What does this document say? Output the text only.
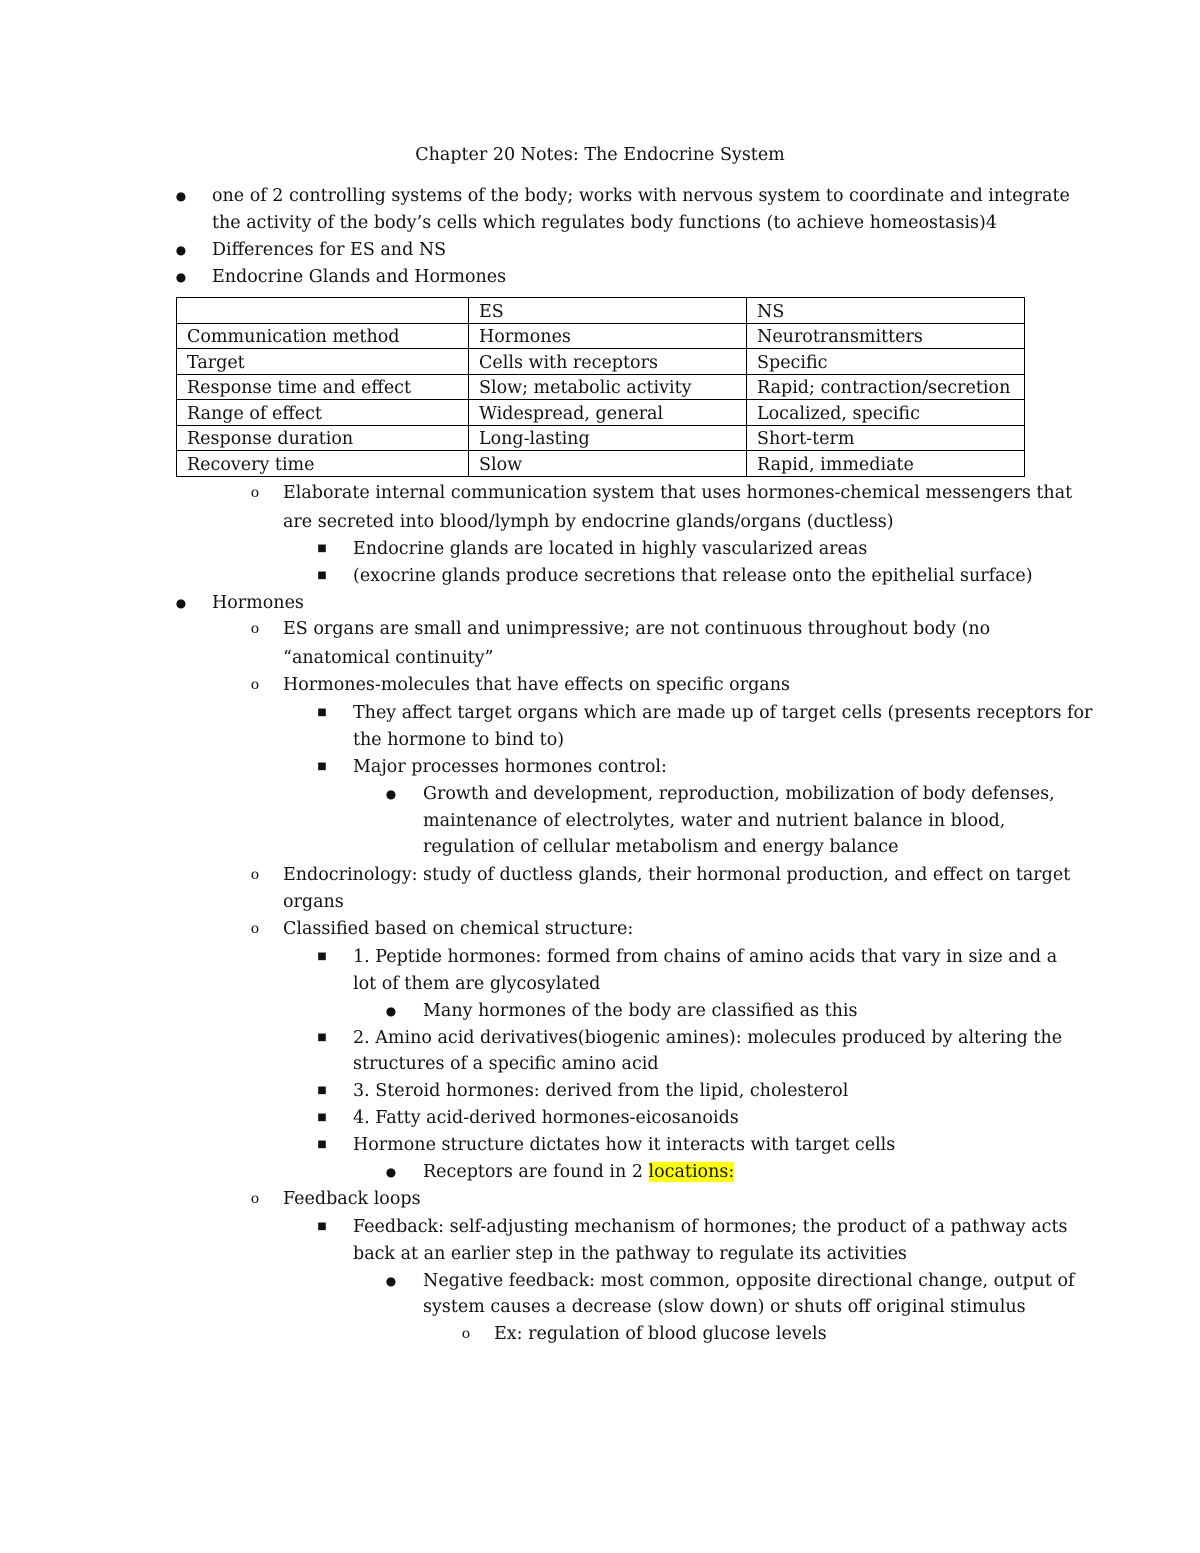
Chapter 20 Notes: The Endocrine System
● one of 2 controlling systems of the body; works with nervous system to coordinate and integrate
the activity of the body’s cells which regulates body functions (to achieve homeostasis)4
● Differences for ES and NS
● Endocrine Glands and Hormones
	ES	NS
Communication method	Hormones	Neurotransmitters
Target	Cells with receptors	Specific
Response time and effect	Slow; metabolic activity	Rapid; contraction/secretion
Range of effect	Widespread, general	Localized, specific
Response duration	Long-lasting	Short-term
Recovery time	Slow	Rapid, immediate
o Elaborate internal communication system that uses hormones-chemical messengers that
are secreted into blood/lymph by endocrine glands/organs (ductless)
■ Endocrine glands are located in highly vascularized areas
■ (exocrine glands produce secretions that release onto the epithelial surface)
● Hormones
o ES organs are small and unimpressive; are not continuous throughout body (no
“anatomical continuity”
o Hormones-molecules that have effects on specific organs
■ They affect target organs which are made up of target cells (presents receptors for
the hormone to bind to)
■ Major processes hormones control:
● Growth and development, reproduction, mobilization of body defenses,
maintenance of electrolytes, water and nutrient balance in blood,
regulation of cellular metabolism and energy balance
o Endocrinology: study of ductless glands, their hormonal production, and effect on target
organs
o Classified based on chemical structure:
■ 1. Peptide hormones: formed from chains of amino acids that vary in size and a
lot of them are glycosylated
● Many hormones of the body are classified as this
■ 2. Amino acid derivatives(biogenic amines): molecules produced by altering the
structures of a specific amino acid
■ 3. Steroid hormones: derived from the lipid, cholesterol
■ 4. Fatty acid-derived hormones-eicosanoids
■ Hormone structure dictates how it interacts with target cells
● Receptors are found in 2 locations:
o Feedback loops
■ Feedback: self-adjusting mechanism of hormones; the product of a pathway acts
back at an earlier step in the pathway to regulate its activities
● Negative feedback: most common, opposite directional change, output of
system causes a decrease (slow down) or shuts off original stimulus
o Ex: regulation of blood glucose levels
